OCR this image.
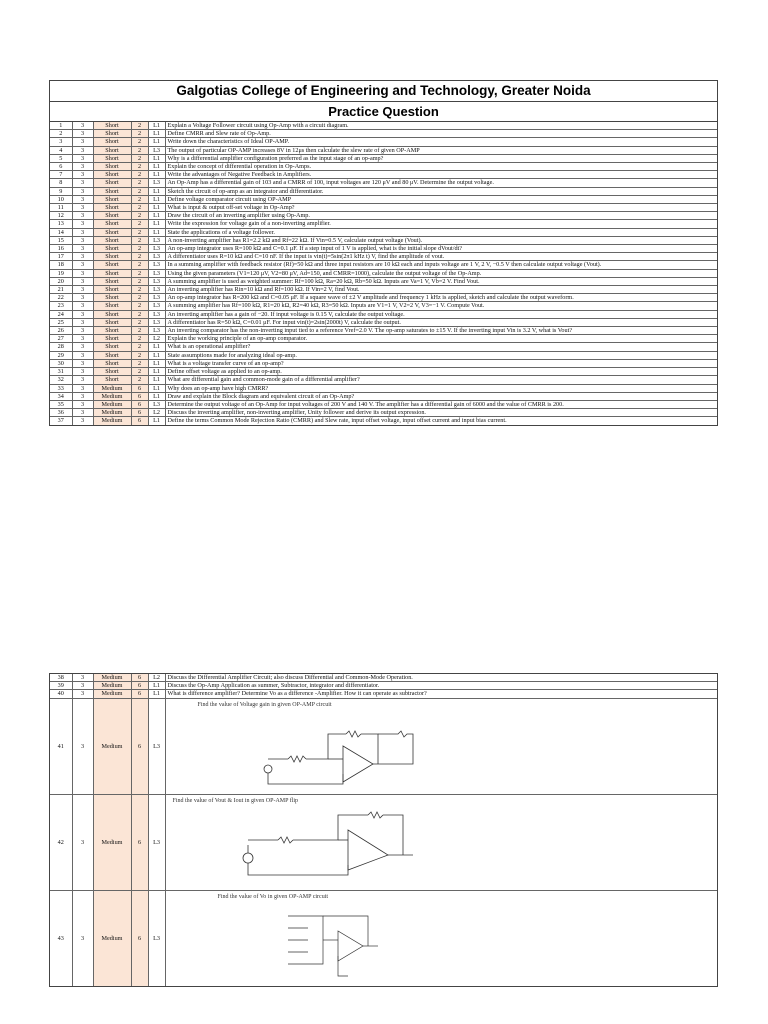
Galgotias College of Engineering and Technology, Greater Noida
Practice Question
1	3	Short	2	L1	Explain a Voltage Follower circuit using Op-Amp with a circuit diagram.
2	3	Short	2	L1	Define CMRR and Slew rate of Op-Amp.
3	3	Short	2	L1	Write down the characteristics of Ideal OP-AMP.
4	3	Short	2	L3	The output of particular OP-AMP increases 8V in 12μs then calculate the slew rate of given OP-AMP
5	3	Short	2	L1	Why is a differential amplifier configuration preferred as the input stage of an op-amp?
6	3	Short	2	L1	Explain the concept of differential operation in Op-Amps.
7	3	Short	2	L1	Write the advantages of Negative Feedback in Amplifiers.
8	3	Short	2	L3	An Op-Amp has a differential gain of 103 and a CMRR of 100, input voltages are 120 μV and 80 μV. Determine the output voltage.
9	3	Short	2	L1	Sketch the circuit of op-amp as an integrator and differentiator.
10	3	Short	2	L1	Define voltage comparator circuit using OP-AMP
11	3	Short	2	L1	What is input & output off-set voltage in Op-Amp?
12	3	Short	2	L1	Draw the circuit of an inverting amplifier using Op-Amp.
13	3	Short	2	L1	Write the expression for voltage gain of a non-inverting amplifier.
14	3	Short	2	L1	State the applications of a voltage follower.
15	3	Short	2	L3	A non-inverting amplifier has R1=2.2 kΩ and Rf=22 kΩ. If Vin=0.5 V, calculate output voltage (Vout).
16	3	Short	2	L3	An op-amp integrator uses R=100 kΩ and C=0.1 μF. If a step input of 1 V is applied, what is the initial slope dVout/dt?
17	3	Short	2	L3	A differentiator uses R=10 kΩ and C=10 nF. If the input is vin(t)=5sin(2π1 kHz t) V, find the amplitude of vout.
18	3	Short	2	L3	In a summing amplifier with feedback resistor (Rf)=50 kΩ and three input resistors are 10 kΩ each and inputs voltage are 1 V, 2 V, −0.5 V then calculate output voltage (Vout).
19	3	Short	2	L3	Using the given parameters (V1=120 μV, V2=80 μV, Ad=150, and CMRR=1000), calculate the output voltage of the Op-Amp.
20	3	Short	2	L3	A summing amplifier is used as weighted summer: Rf=100 kΩ, Ra=20 kΩ, Rb=50 kΩ. Inputs are Va=1 V, Vb=2 V. Find Vout.
21	3	Short	2	L3	An inverting amplifier has Rin=10 kΩ and Rf=100 kΩ. If Vin=2 V, find Vout.
22	3	Short	2	L3	An op-amp integrator has R=200 kΩ and C=0.05 μF. If a square wave of ±2 V amplitude and frequency 1 kHz is applied, sketch and calculate the output waveform.
23	3	Short	2	L3	A summing amplifier has Rf=100 kΩ, R1=20 kΩ, R2=40 kΩ, R3=50 kΩ. Inputs are V1=1 V, V2=2 V, V3=−1 V. Compute Vout.
24	3	Short	2	L3	An inverting amplifier has a gain of −20. If input voltage is 0.15 V, calculate the output voltage.
25	3	Short	2	L3	A differentiator has R=50 kΩ, C=0.01 μF. For input vin(t)=2sin(2000t) V, calculate the output.
26	3	Short	2	L3	An inverting comparator has the non-inverting input tied to a reference Vref=2.0 V. The op-amp saturates to ±15 V. If the inverting input Vin is 3.2 V, what is Vout?
27	3	Short	2	L2	Explain the working principle of an op-amp comparator.
28	3	Short	2	L1	What is an operational amplifier?
29	3	Short	2	L1	State assumptions made for analyzing ideal op-amp.
30	3	Short	2	L1	What is a voltage transfer curve of an op-amp?
31	3	Short	2	L1	Define offset voltage as applied to an op-amp.
32	3	Short	2	L1	What are differential gain and common-mode gain of a differential amplifier?
33	3	Medium	6	L1	Why does an op-amp have high CMRR?
34	3	Medium	6	L1	Draw and explain the Block diagram and equivalent circuit of an Op-Amp?
35	3	Medium	6	L3	Determine the output voltage of an Op-Amp for input voltages of 200 V and 140 V. The amplifier has a differential gain of 6000 and the value of CMRR is 200.
36	3	Medium	6	L2	Discuss the inverting amplifier, non-inverting amplifier, Unity follower and derive its output expression.
37	3	Medium	6	L1	Define the terms Common Mode Rejection Ratio (CMRR) and Slew rate, input offset voltage, input offset current and input bias current.
38	3	Medium	6	L2	Discuss the Differential Amplifier Circuit; also discuss Differential and Common-Mode Operation.
39	3	Medium	6	L1	Discuss the Op-Amp Application as summer, Subtractor, integrator and differentiator.
40	3	Medium	6	L1	What is difference amplifier? Determine Vo as a difference -Amplifier. How it can operate as subtractor?
41	3	Medium	6	L3	Find the value of Voltage gain in given OP-AMP circuit

42	3	Medium	6	L3	Find the value of Vout & Iout in given OP-AMP flip

43	3	Medium	6	L3	Find the value of Vo in given OP-AMP circuit
